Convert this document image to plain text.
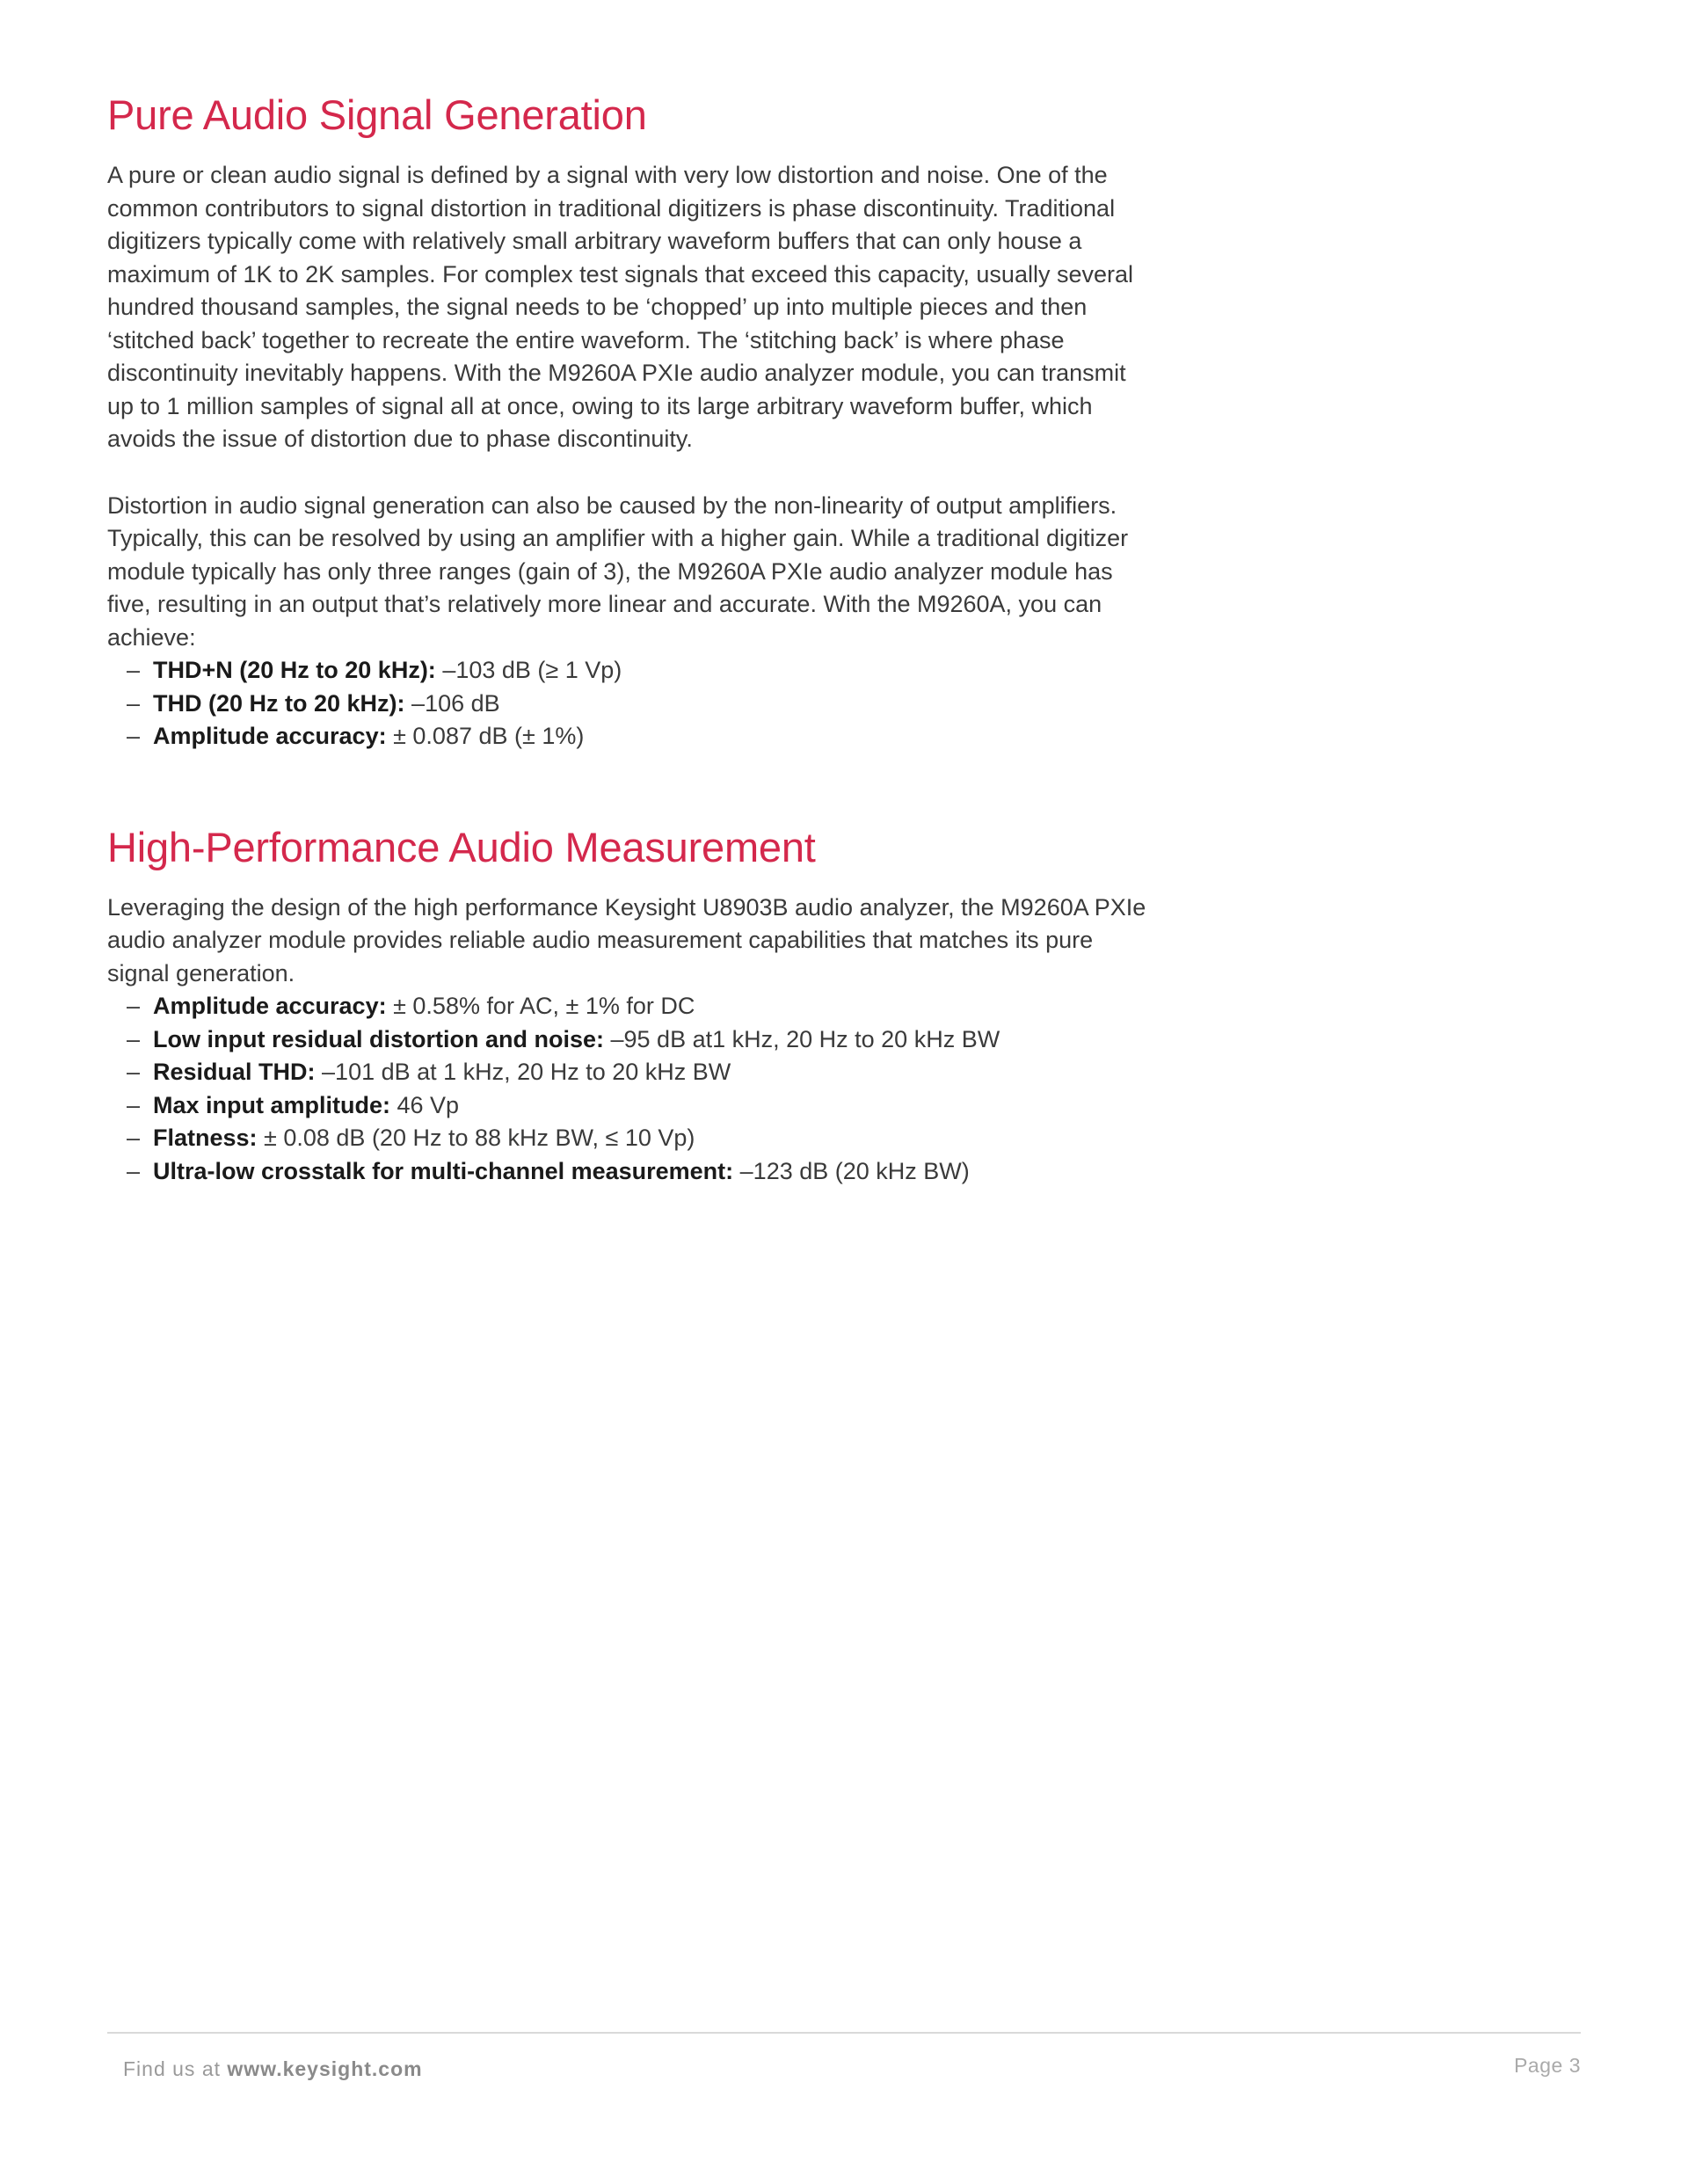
Pure Audio Signal Generation

A pure or clean audio signal is defined by a signal with very low distortion and noise. One of the common contributors to signal distortion in traditional digitizers is phase discontinuity. Traditional digitizers typically come with relatively small arbitrary waveform buffers that can only house a maximum of 1K to 2K samples. For complex test signals that exceed this capacity, usually several hundred thousand samples, the signal needs to be ‘chopped’ up into multiple pieces and then ‘stitched back’ together to recreate the entire waveform. The ‘stitching back’ is where phase discontinuity inevitably happens. With the M9260A PXIe audio analyzer module, you can transmit up to 1 million samples of signal all at once, owing to its large arbitrary waveform buffer, which avoids the issue of distortion due to phase discontinuity.

Distortion in audio signal generation can also be caused by the non-linearity of output amplifiers. Typically, this can be resolved by using an amplifier with a higher gain. While a traditional digitizer module typically has only three ranges (gain of 3), the M9260A PXIe audio analyzer module has five, resulting in an output that’s relatively more linear and accurate. With the M9260A, you can achieve:

– THD+N (20 Hz to 20 kHz): –103 dB (≥ 1 Vp)
– THD (20 Hz to 20 kHz): –106 dB
– Amplitude accuracy: ± 0.087 dB (± 1%)
High-Performance Audio Measurement

Leveraging the design of the high performance Keysight U8903B audio analyzer, the M9260A PXIe audio analyzer module provides reliable audio measurement capabilities that matches its pure signal generation.

– Amplitude accuracy: ± 0.58% for AC, ± 1% for DC
– Low input residual distortion and noise: –95 dB at1 kHz, 20 Hz to 20 kHz BW
– Residual THD: –101 dB at 1 kHz, 20 Hz to 20 kHz BW
– Max input amplitude: 46 Vp
– Flatness: ± 0.08 dB (20 Hz to 88 kHz BW, ≤ 10 Vp)
– Ultra-low crosstalk for multi-channel measurement: –123 dB (20 kHz BW)
Find us at www.keysight.com	Page 3
